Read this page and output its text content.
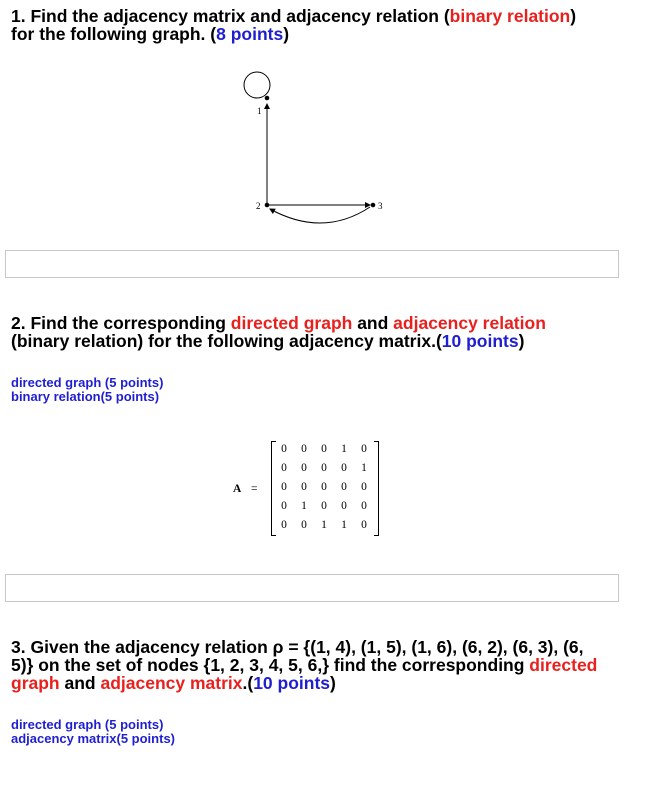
1. Find the adjacency matrix and adjacency relation (binary relation)
for the following graph. (8 points)
1
2	3
2. Find the corresponding directed graph and adjacency relation
(binary relation) for the following adjacency matrix.(10 points)
directed graph (5 points)
binary relation(5 points)
A =
0	0	0	1	0
0	0	0	0	1
0	0	0	0	0
0	1	0	0	0
0	0	1	1	0
3. Given the adjacency relation ρ = {(1, 4), (1, 5), (1, 6), (6, 2), (6, 3), (6,
5)} on the set of nodes {1, 2, 3, 4, 5, 6,} find the corresponding directed
graph and adjacency matrix.(10 points)
directed graph (5 points)
adjacency matrix(5 points)
